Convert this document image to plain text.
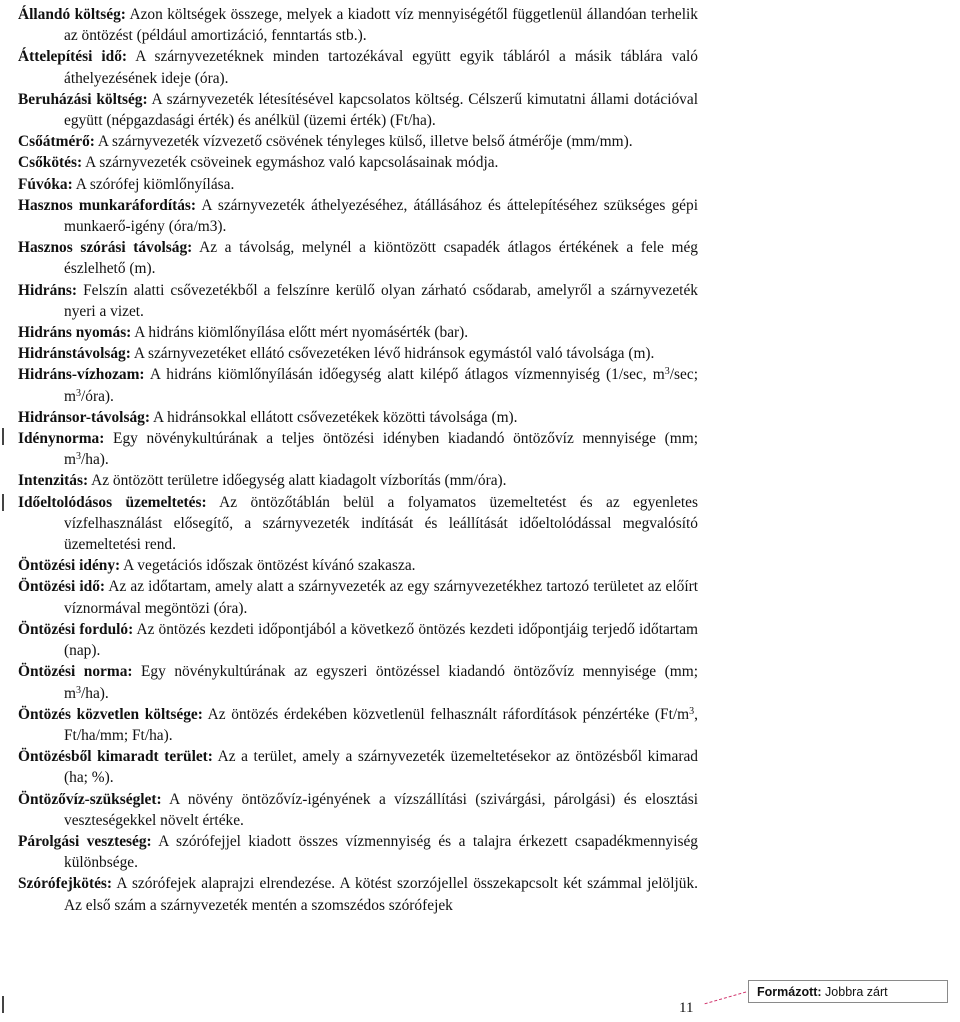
Állandó költség: Azon költségek összege, melyek a kiadott víz mennyiségétől függetlenül állandóan terhelik az öntözést (például amortizáció, fenntartás stb.).

Áttelepítési idő: A szárnyvezetéknek minden tartozékával együtt egyik tábláról a másik táblára való áthelyezésének ideje (óra).

Beruházási költség: A szárnyvezeték létesítésével kapcsolatos költség. Célszerű kimutatni állami dotációval együtt (népgazdasági érték) és anélkül (üzemi érték) (Ft/ha).

Csőátmérő: A szárnyvezeték vízvezető csövének tényleges külső, illetve belső átmérője (mm/mm).

Csőkötés: A szárnyvezeték csöveinek egymáshoz való kapcsolásainak módja.

Fúvóka: A szórófej kiömlőnyílása.

Hasznos munkaráfordítás: A szárnyvezeték áthelyezéséhez, átállásához és áttelepítéséhez szükséges gépi munkaerő-igény (óra/m3).

Hasznos szórási távolság: Az a távolság, melynél a kiöntözött csapadék átlagos értékének a fele még észlelhető (m).

Hidráns: Felszín alatti csővezetékből a felszínre kerülő olyan zárható csődarab, amelyről a szárnyvezeték nyeri a vizet.

Hidráns nyomás: A hidráns kiömlőnyílása előtt mért nyomásérték (bar).

Hidránstávolság: A szárnyvezetéket ellátó csővezetéken lévő hidránsok egymástól való távolsága (m).

Hidráns-vízhozam: A hidráns kiömlőnyílásán időegység alatt kilépő átlagos vízmennyiség (1/sec, $m^3/\sec$; $m^3/óra$).

Hidránsor-távolság: A hidránsokkal ellátott csővezetékek közötti távolsága (m).

Idénynorma: Egy növénykultúrának a teljes öntözési idényben kiadandó öntözővíz mennyisége (mm; $m^3/ha$).

Intenzitás: Az öntözött területre időegység alatt kiadagolt vízborítás (mm/óra).

Időeltolódásos üzemeltetés: Az öntözőtáblán belül a folyamatos üzemeltetést és az egyenletes vízfelhasználást elősegítő, a szárnyvezeték indítását és leállítását időeltolódással megvalósító üzemeltetési rend.

Öntözési idény: A vegetációs időszak öntözést kívánó szakasza.

Öntözési idő: Az az időtartam, amely alatt a szárnyvezeték az egy szárnyvezetékhez tartozó területet az előírt víznormával megöntözi (óra).

Öntözési forduló: Az öntözés kezdeti időpontjából a következő öntözés kezdeti időpontjáig terjedő időtartam (nap).

Öntözési norma: Egy növénykultúrának az egyszeri öntözéssel kiadandó öntözővíz mennyisége (mm; $m^3/ha$).

Öntözés közvetlen költsége: Az öntözés érdekében közvetlenül felhasznált ráfordítások pénzértéke ($Ft/m^3$, Ft/ha/mm; Ft/ha).

Öntözésből kimaradt terület: Az a terület, amely a szárnyvezeték üzemeltetésekor az öntözésből kimarad (ha; %).

Öntözővíz-szükséglet: A növény öntözővíz-igényének a vízszállítási (szivárgási, párolgási) és elosztási veszteségekkel növelt értéke.

Párolgási veszteség: A szórófejjel kiadott összes vízmennyiség és a talajra érkezett csapadékmennyiség különbsége.

Szórófejkötés: A szórófejek alaprajzi elrendezése. A kötést szorzójellel összekapcsolt két számmal jelöljük. Az első szám a szárnyvezeték mentén a szomszédos szórófejek

11
Formázott: Jobbra zárt
